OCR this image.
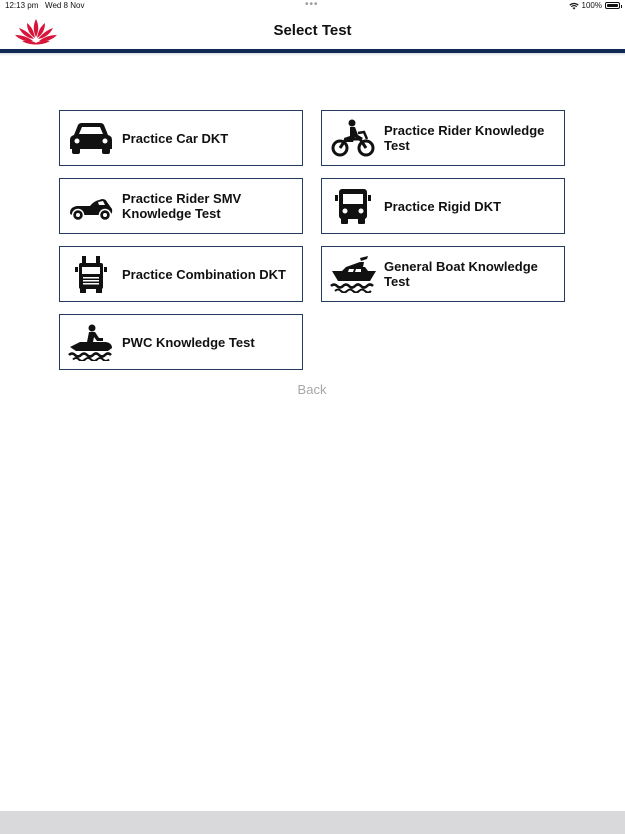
12:13 pm Wed 8 Nov	•••	100%
Select Test
Practice Car DKT	Practice Rider Knowledge Test
Practice Rider SMV Knowledge Test	Practice Rigid DKT
Practice Combination DKT	General Boat Knowledge Test
PWC Knowledge Test
Back
